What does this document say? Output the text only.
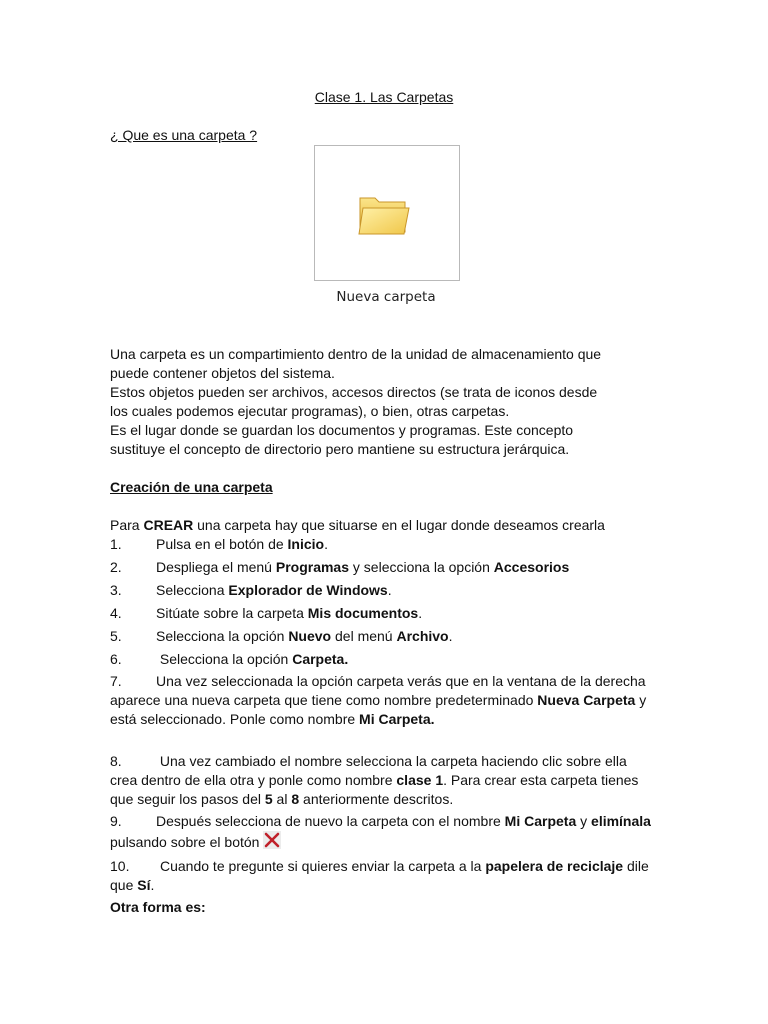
Clase 1. Las Carpetas
¿ Que es una carpeta ?
Nueva carpeta
Una carpeta es un compartimiento dentro de la unidad de almacenamiento que
puede contener objetos del sistema.
Estos objetos pueden ser archivos, accesos directos (se trata de iconos desde
los cuales podemos ejecutar programas), o bien, otras carpetas.
Es el lugar donde se guardan los documentos y programas. Este concepto
sustituye el concepto de directorio pero mantiene su estructura jerárquica.
Creación de una carpeta
Para CREAR una carpeta hay que situarse en el lugar donde deseamos crearla
1. Pulsa en el botón de Inicio.
2. Despliega el menú Programas y selecciona la opción Accesorios
3. Selecciona Explorador de Windows.
4. Sitúate sobre la carpeta Mis documentos.
5. Selecciona la opción Nuevo del menú Archivo.
6. Selecciona la opción Carpeta.
7. Una vez seleccionada la opción carpeta verás que en la ventana de la derecha aparece una nueva carpeta que tiene como nombre predeterminado Nueva Carpeta y está seleccionado. Ponle como nombre Mi Carpeta.
8. Una vez cambiado el nombre selecciona la carpeta haciendo clic sobre ella crea dentro de ella otra y ponle como nombre clase 1. Para crear esta carpeta tienes que seguir los pasos del 5 al 8 anteriormente descritos.
9. Después selecciona de nuevo la carpeta con el nombre Mi Carpeta y elimínala pulsando sobre el botón
10. Cuando te pregunte si quieres enviar la carpeta a la papelera de reciclaje dile que Sí.
Otra forma es:
